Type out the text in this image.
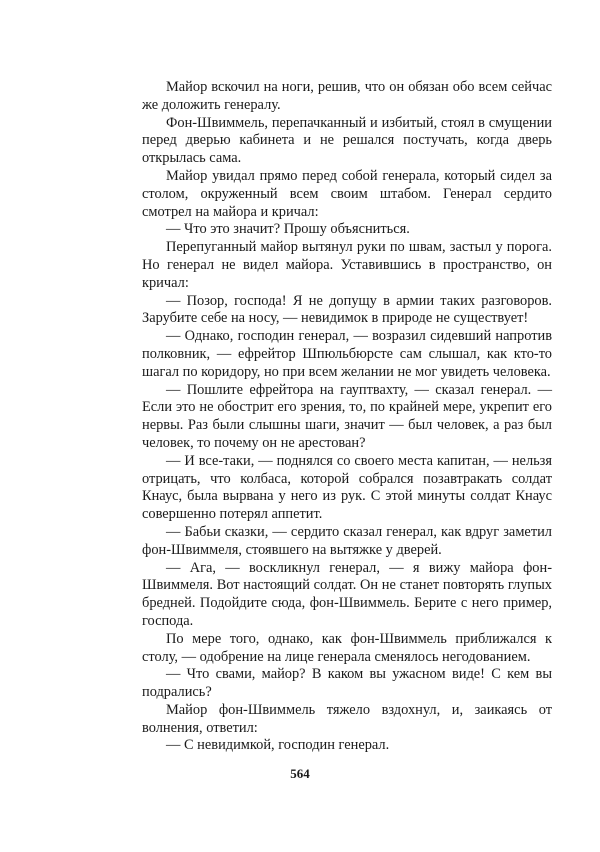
Майор вскочил на ноги, решив, что он обязан обо всем сейчас же доложить генералу.

Фон-Швиммель, перепачканный и избитый, стоял в смущении перед дверью кабинета и не решался постучать, когда дверь открылась сама.

Майор увидал прямо перед собой генерала, который сидел за столом, окруженный всем своим штабом. Генерал сердито смотрел на майора и кричал:

— Что это значит? Прошу объясниться.

Перепуганный майор вытянул руки по швам, застыл у порога. Но генерал не видел майора. Уставившись в пространство, он кричал:

— Позор, господа! Я не допущу в армии таких разговоров. Зарубите себе на носу, — невидимок в природе не существует!

— Однако, господин генерал, — возразил сидевший напротив полковник, — ефрейтор Шпюльбюрсте сам слышал, как кто-то шагал по коридору, но при всем желании не мог увидеть человека.

— Пошлите ефрейтора на гауптвахту, — сказал генерал. — Если это не обострит его зрения, то, по крайней мере, укрепит его нервы. Раз были слышны шаги, значит — был человек, а раз был человек, то почему он не арестован?

— И все-таки, — поднялся со своего места капитан, — нельзя отрицать, что колбаса, которой собрался позавтракать солдат Кнаус, была вырвана у него из рук. С этой минуты солдат Кнаус совершенно потерял аппетит.

— Бабьи сказки, — сердито сказал генерал, как вдруг заметил фон-Швиммеля, стоявшего на вытяжке у дверей.

— Ага, — воскликнул генерал, — я вижу майора фон-Швиммеля. Вот настоящий солдат. Он не станет повторять глупых бредней. Подойдите сюда, фон-Швиммель. Берите с него пример, господа.

По мере того, однако, как фон-Швиммель приближался к столу, — одобрение на лице генерала сменялось негодованием.

— Что свами, майор? В каком вы ужасном виде! С кем вы подрались?

Майор фон-Швиммель тяжело вздохнул, и, заикаясь от волнения, ответил:

— С невидимкой, господин генерал.

564
